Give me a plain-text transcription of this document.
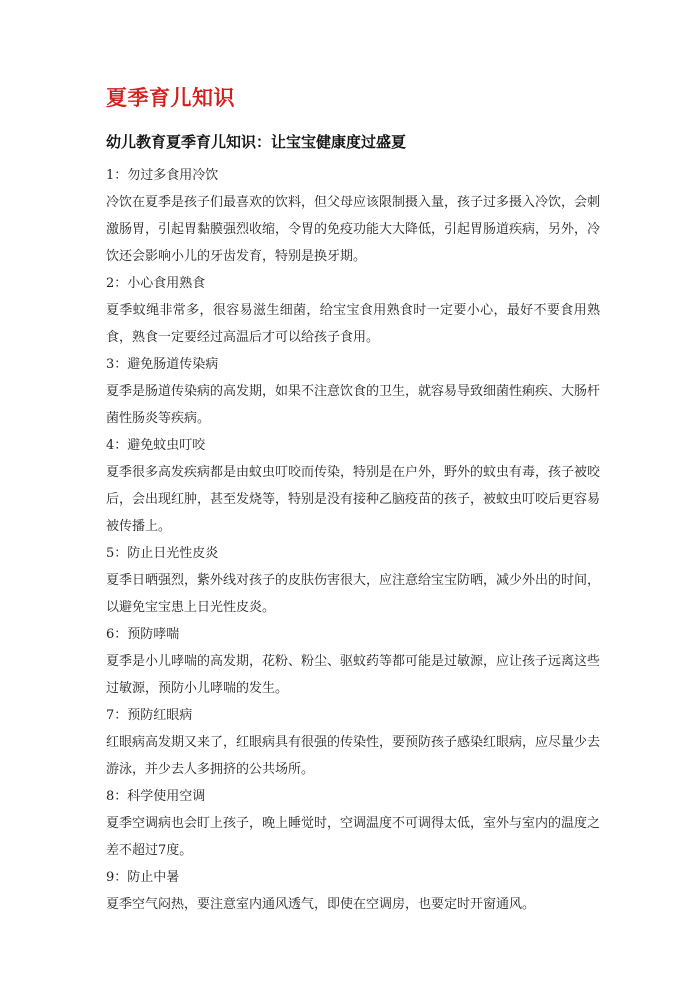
夏季育儿知识
幼儿教育夏季育儿知识：让宝宝健康度过盛夏

1：勿过多食用冷饮

冷饮在夏季是孩子们最喜欢的饮料，但父母应该限制摄入量，孩子过多摄入冷饮，会刺激肠胃，引起胃黏膜强烈收缩，令胃的免疫功能大大降低，引起胃肠道疾病，另外，冷饮还会影响小儿的牙齿发育，特别是换牙期。

2：小心食用熟食

夏季蚊绳非常多，很容易滋生细菌，给宝宝食用熟食时一定要小心，最好不要食用熟食，熟食一定要经过高温后才可以给孩子食用。

3：避免肠道传染病

夏季是肠道传染病的高发期，如果不注意饮食的卫生，就容易导致细菌性痢疾、大肠杆菌性肠炎等疾病。

4：避免蚊虫叮咬

夏季很多高发疾病都是由蚊虫叮咬而传染，特别是在户外，野外的蚊虫有毒，孩子被咬后，会出现红肿，甚至发烧等，特别是没有接种乙脑疫苗的孩子，被蚊虫叮咬后更容易被传播上。

5：防止日光性皮炎

夏季日晒强烈，紫外线对孩子的皮肤伤害很大，应注意给宝宝防晒，减少外出的时间，以避免宝宝患上日光性皮炎。

6：预防哮喘

夏季是小儿哮喘的高发期，花粉、粉尘、驱蚊药等都可能是过敏源，应让孩子远离这些过敏源，预防小儿哮喘的发生。

7：预防红眼病

红眼病高发期又来了，红眼病具有很强的传染性，要预防孩子感染红眼病，应尽量少去游泳，并少去人多拥挤的公共场所。

8：科学使用空调

夏季空调病也会盯上孩子，晚上睡觉时，空调温度不可调得太低，室外与室内的温度之差不超过7度。

9：防止中暑

夏季空气闷热，要注意室内通风透气，即使在空调房，也要定时开窗通风。
